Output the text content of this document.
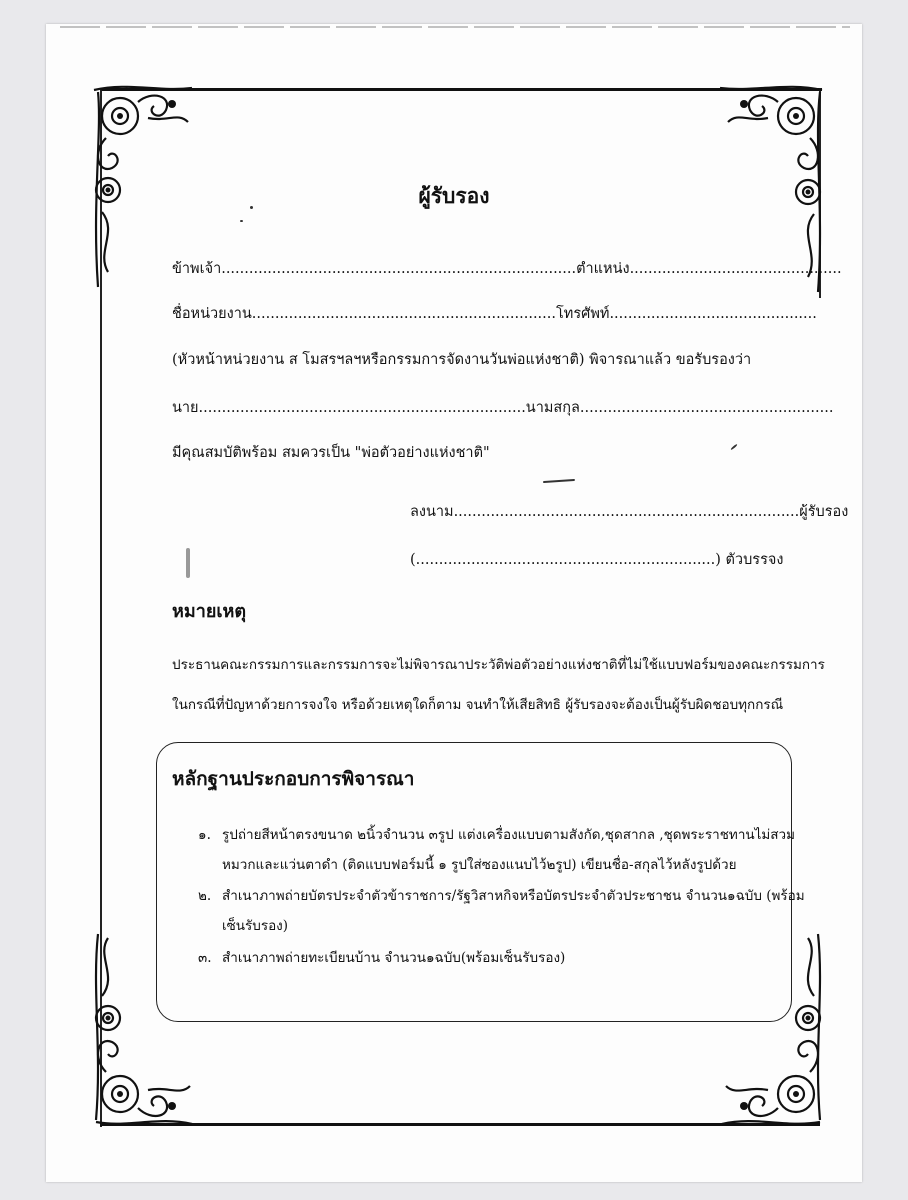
ผู้รับรอง
ข้าพเจ้า.............................................................................ตำแหน่ง..............................................
ชื่อหน่วยงาน..................................................................โทรศัพท์.............................................
(หัวหน้าหน่วยงาน ส โมสรฯลฯหรือกรรมการจัดงานวันพ่อแห่งชาติ) พิจารณาแล้ว ขอรับรองว่า
นาย.......................................................................นามสกุล.......................................................
มีคุณสมบัติพร้อม สมควรเป็น "พ่อตัวอย่างแห่งชาติ"
ลงนาม...........................................................................ผู้รับรอง
(.................................................................) ตัวบรรจง
หมายเหตุ
ประธานคณะกรรมการและกรรมการจะไม่พิจารณาประวัติพ่อตัวอย่างแห่งชาติที่ไม่ใช้แบบฟอร์มของคณะกรรมการ
ในกรณีที่ปัญหาด้วยการจงใจ หรือด้วยเหตุใดก็ตาม จนทำให้เสียสิทธิ ผู้รับรองจะต้องเป็นผู้รับผิดชอบทุกกรณี
หลักฐานประกอบการพิจารณา
๑. รูปถ่ายสีหน้าตรงขนาด ๒นิ้วจำนวน ๓รูป แต่งเครื่องแบบตามสังกัด,ชุดสากล ,ชุดพระราชทานไม่สวม
หมวกและแว่นตาดำ (ติดแบบฟอร์มนี้ ๑ รูปใส่ซองแนบไว้๒รูป) เขียนชื่อ-สกุลไว้หลังรูปด้วย
๒. สำเนาภาพถ่ายบัตรประจำตัวข้าราชการ/รัฐวิสาหกิจหรือบัตรประจำตัวประชาชน จำนวน๑ฉบับ (พร้อม
เซ็นรับรอง)
๓. สำเนาภาพถ่ายทะเบียนบ้าน จำนวน๑ฉบับ(พร้อมเซ็นรับรอง)
